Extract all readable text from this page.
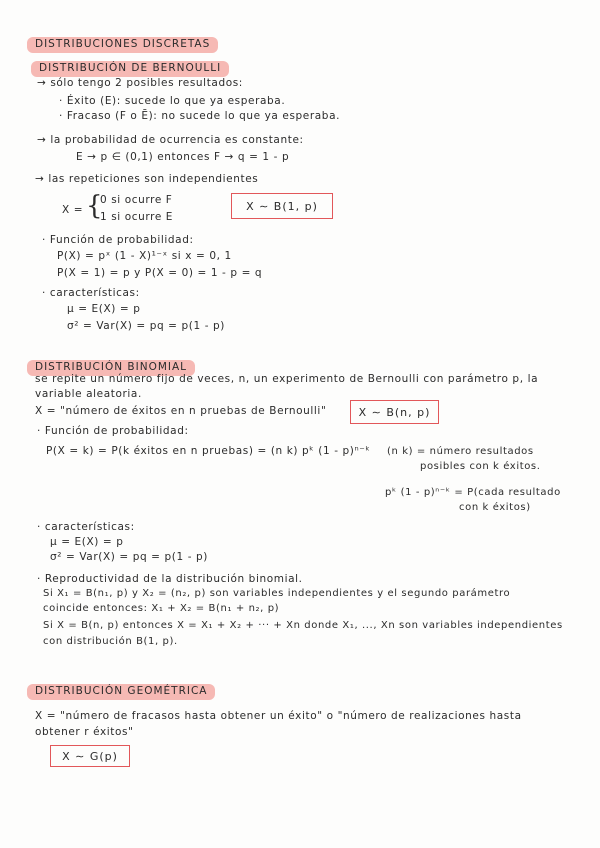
DISTRIBUCIONES DISCRETAS
DISTRIBUCIÓN DE BERNOULLI
DISTRIBUCIÓN BINOMIAL
DISTRIBUCIÓN GEOMÉTRICA
→ sólo tengo 2 posibles resultados:
· Éxito (E): sucede lo que ya esperaba.
· Fracaso (F o Ē): no sucede lo que ya esperaba.
→ la probabilidad de ocurrencia es constante:
E → p ∈ (0,1) entonces F → q = 1 - p
→ las repeticiones son independientes
X = {
0 si ocurre F
1 si ocurre E
X ∼ B(1, p)
· Función de probabilidad:
P(X) = pˣ (1 - X)¹⁻ˣ si x = 0, 1
P(X = 1) = p y P(X = 0) = 1 - p = q
· características:
μ = E(X) = p
σ² = Var(X) = pq = p(1 - p)
se repite un número fijo de veces, n, un experimento de Bernoulli con parámetro p, la
variable aleatoria.
X = "número de éxitos en n pruebas de Bernoulli"	X ∼ B(n, p)
· Función de probabilidad:
P(X = k) = P(k éxitos en n pruebas) = (n k) pᵏ (1 - p)ⁿ⁻ᵏ (n k) = número resultados
posibles con k éxitos.
pᵏ (1 - p)ⁿ⁻ᵏ = P(cada resultado
con k éxitos)
· características:
μ = E(X) = p
σ² = Var(X) = pq = p(1 - p)
· Reproductividad de la distribución binomial.
Si X₁ = B(n₁, p) y X₂ = (n₂, p) son variables independientes y el segundo parámetro
coincide entonces: X₁ + X₂ = B(n₁ + n₂, p)
Si X = B(n, p) entonces X = X₁ + X₂ + ··· + Xn donde X₁, ..., Xn son variables independientes
con distribución B(1, p).
X = "número de fracasos hasta obtener un éxito" o "número de realizaciones hasta
obtener r éxitos"
X ∼ G(p)
